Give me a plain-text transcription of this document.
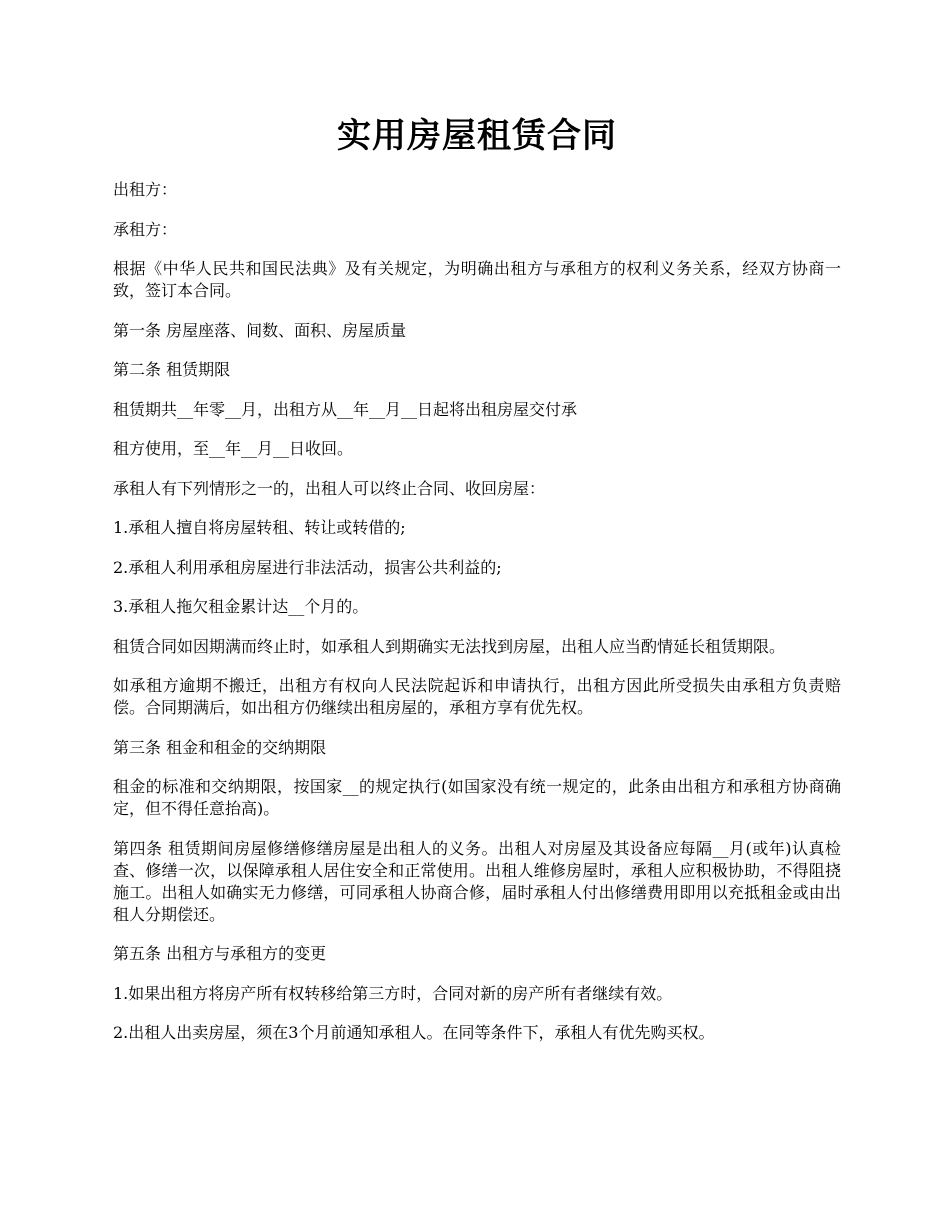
实用房屋租赁合同

出租方：

承租方：

根据《中华人民共和国民法典》及有关规定，为明确出租方与承租方的权利义务关系，经双方协商一致，签订本合同。

第一条 房屋座落、间数、面积、房屋质量

第二条 租赁期限

租赁期共__年零__月，出租方从__年__月__日起将出租房屋交付承

租方使用，至__年__月__日收回。

承租人有下列情形之一的，出租人可以终止合同、收回房屋：

1.承租人擅自将房屋转租、转让或转借的;

2.承租人利用承租房屋进行非法活动，损害公共利益的;

3.承租人拖欠租金累计达__个月的。

租赁合同如因期满而终止时，如承租人到期确实无法找到房屋，出租人应当酌情延长租赁期限。

如承租方逾期不搬迁，出租方有权向人民法院起诉和申请执行，出租方因此所受损失由承租方负责赔偿。合同期满后，如出租方仍继续出租房屋的，承租方享有优先权。

第三条 租金和租金的交纳期限

租金的标准和交纳期限，按国家__的规定执行(如国家没有统一规定的，此条由出租方和承租方协商确定，但不得任意抬高)。

第四条 租赁期间房屋修缮修缮房屋是出租人的义务。出租人对房屋及其设备应每隔__月(或年)认真检查、修缮一次，以保障承租人居住安全和正常使用。出租人维修房屋时，承租人应积极协助，不得阻挠施工。出租人如确实无力修缮，可同承租人协商合修，届时承租人付出修缮费用即用以充抵租金或由出租人分期偿还。

第五条 出租方与承租方的变更

1.如果出租方将房产所有权转移给第三方时，合同对新的房产所有者继续有效。

2.出租人出卖房屋，须在3个月前通知承租人。在同等条件下，承租人有优先购买权。
